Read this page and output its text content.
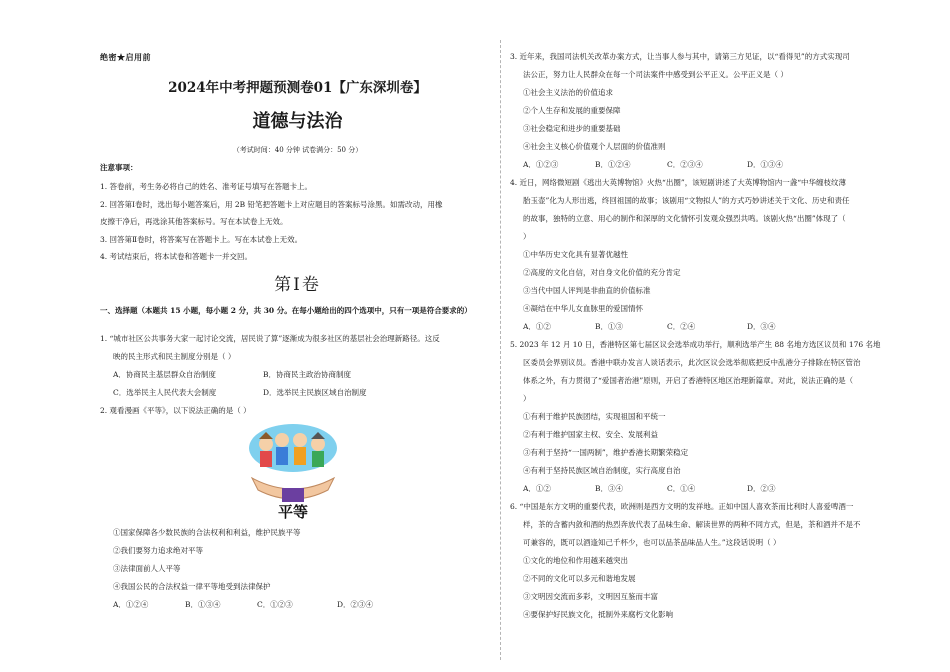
绝密★启用前
2024年中考押题预测卷01【广东深圳卷】
道德与法治
（考试时间：40 分钟 试卷满分：50 分）
注意事项：

1. 答卷前，考生务必将自己的姓名、准考证号填写在答题卡上。

2. 回答第Ⅰ卷时，选出每小题答案后，用 2B 铅笔把答题卡上对应题目的答案标号涂黑。如需改动，用橡

皮擦干净后，再选涂其他答案标号。写在本试卷上无效。

3. 回答第Ⅱ卷时，将答案写在答题卡上。写在本试卷上无效。

4. 考试结束后，将本试卷和答题卡一并交回。

第Ⅰ卷
一、选择题（本题共 15 小题，每小题 2 分，共 30 分。在每小题给出的四个选项中，只有一项是符合要求的）

1. “城市社区公共事务大家一起讨论交流，居民说了算”逐渐成为很多社区的基层社会治理新路径。这反

映的民主形式和民主制度分别是（ ）

A．协商民主基层群众自治制度	B．协商民主政治协商制度
C．选举民主人民代表大会制度	D．选举民主民族区域自治制度

2. 观看漫画《平等》，以下说法正确的是（ ）

平等

①国家保障各少数民族的合法权利和利益，维护民族平等

②我们要努力追求绝对平等

③法律面前人人平等

④我国公民的合法权益一律平等地受到法律保护

A．①②④	B．①③④	C．①②③	D．②③④

3. 近年来，我国司法机关改革办案方式，让当事人参与其中，请第三方见证，以“看得见”的方式实现司

法公正，努力让人民群众在每一个司法案件中感受到公平正义。公平正义是（ ）

①社会主义法治的价值追求

②个人生存和发展的重要保障

③社会稳定和进步的重要基础

④社会主义核心价值观个人层面的价值准则

A．①②③	B．①②④	C．②③④	D．①③④

4. 近日，网络微短剧《逃出大英博物馆》火热“出圈”，该短剧讲述了大英博物馆内一盏“中华缠枝纹薄

胎玉壶”化为人形出逃，终回祖国的故事；该剧用“文物拟人”的方式巧妙讲述关于文化、历史和责任

的故事，独特的立意、用心的制作和深厚的文化情怀引发观众强烈共鸣。该剧火热“出圈”体现了（

）

①中华历史文化具有显著优越性

②高度的文化自信，对自身文化价值的充分肯定

③当代中国人评判是非曲直的价值标准

④凝结在中华儿女血脉里的爱国情怀

A．①②	B．①③	C．②④	D．③④

5. 2023 年 12 月 10 日，香港特区第七届区议会选举成功举行，顺利选举产生 88 名地方选区议员和 176 名地

区委员会界别议员。香港中联办发言人谈话表示，此次区议会选举彻底把反中乱港分子排除在特区管治

体系之外，有力贯彻了“爱国者治港”原则，开启了香港特区地区治理新篇章。对此，说法正确的是（

）

①有利于维护民族团结，实现祖国和平统一

②有利于维护国家主权、安全、发展利益

③有利于坚持“一国两制”，维护香港长期繁荣稳定

④有利于坚持民族区域自治制度，实行高度自治

A．①②	B．③④	C．①④	D．②③

6. “中国是东方文明的重要代表，欧洲则是西方文明的发祥地。正如中国人喜欢茶而比利时人喜爱啤酒一

样，茶的含蓄内敛和酒的热烈奔放代表了品味生命、解读世界的两种不同方式，但是，茶和酒并不是不

可兼容的，既可以酒逢知己千杯少，也可以品茶品味品人生。”这段话说明（ ）

①文化的地位和作用越来越突出

②不同的文化可以多元和谐地发展

③文明因交流而多彩，文明因互鉴而丰富

④要保护好民族文化，抵制外来腐朽文化影响
